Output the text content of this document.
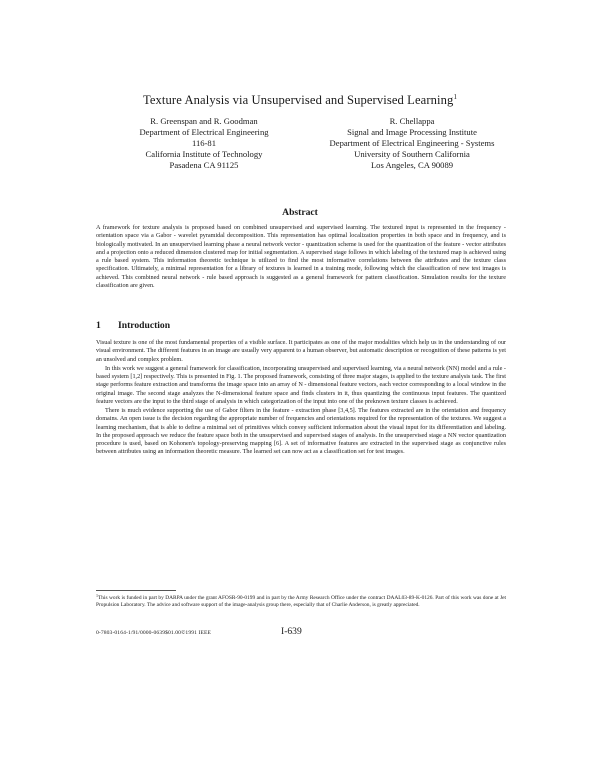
Texture Analysis via Unsupervised and Supervised Learning$^1$
R. Greenspan and R. Goodman
Department of Electrical Engineering
116-81
California Institute of Technology
Pasadena CA 91125
R. Chellappa
Signal and Image Processing Institute
Department of Electrical Engineering - Systems
University of Southern California
Los Angeles, CA 90089
Abstract
A framework for texture analysis is proposed based on combined unsupervised and supervised learning. The textured input is represented in the frequency - orientation space via a Gabor - wavelet pyramidal decomposition. This representation has optimal localization properties in both space and in frequency, and is biologically motivated. In an unsupervised learning phase a neural network vector - quantization scheme is used for the quantization of the feature - vector attributes and a projection onto a reduced dimension clustered map for initial segmentation. A supervised stage follows in which labeling of the textured map is achieved using a rule based system. This information theoretic technique is utilized to find the most informative correlations between the attributes and the texture class specification. Ultimately, a minimal representation for a library of textures is learned in a training mode, following which the classification of new test images is achieved. This combined neural network - rule based approach is suggested as a general framework for pattern classification. Simulation results for the texture classification are given.
1 Introduction

Visual texture is one of the most fundamental properties of a visible surface. It participates as one of the major modalities which help us in the understanding of our visual environment. The different features in an image are usually very apparent to a human observer, but automatic description or recognition of these patterns is yet an unsolved and complex problem.

In this work we suggest a general framework for classification, incorporating unsupervised and supervised learning, via a neural network (NN) model and a rule - based system [1,2] respectively. This is presented in Fig. 1. The proposed framework, consisting of three major stages, is applied to the texture analysis task. The first stage performs feature extraction and transforms the image space into an array of N - dimensional feature vectors, each vector corresponding to a local window in the original image. The second stage analyzes the N-dimensional feature space and finds clusters in it, thus quantizing the continuous input features. The quantized feature vectors are the input to the third stage of analysis in which categorization of the input into one of the preknown texture classes is achieved.

There is much evidence supporting the use of Gabor filters in the feature - extraction phase [3,4,5]. The features extracted are in the orientation and frequency domains. An open issue is the decision regarding the appropriate number of frequencies and orientations required for the representation of the textures. We suggest a learning mechanism, that is able to define a minimal set of primitives which convey sufficient information about the visual input for its differentiation and labeling. In the proposed approach we reduce the feature space both in the unsupervised and supervised stages of analysis. In the unsupervised stage a NN vector quantization procedure is used, based on Kohonen's topology-preserving mapping [6]. A set of informative features are extracted in the supervised stage as conjunctive rules between attributes using an information theoretic measure. The learned set can now act as a classification set for test images.

$^1$This work is funded in part by DARPA under the grant AFOSR-90-0199 and in part by the Army Research Office under the contract DAAL03-89-K-0126. Part of this work was done at Jet Propulsion Laboratory. The advice and software support of the image-analysis group there, especially that of Charlie Anderson, is greatly appreciated.
0-7803-0164-1/91/0000-0639$01.00©1991 IEEE	I-639
